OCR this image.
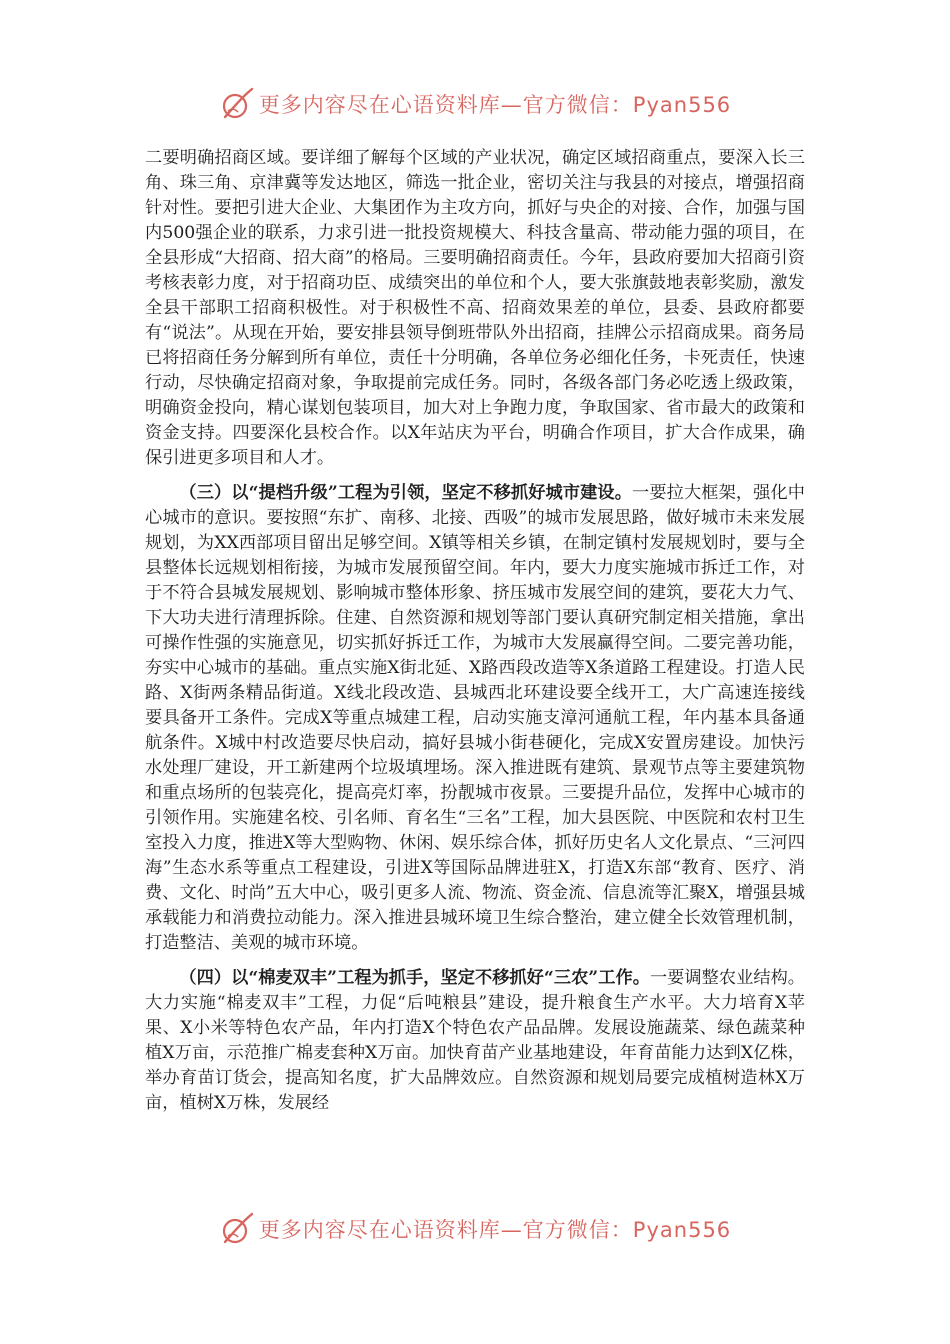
更多内容尽在心语资料库—官方微信：Pyan556

二要明确招商区域。要详细了解每个区域的产业状况，确定区域招商重点，要深入长三角、珠三角、京津冀等发达地区，筛选一批企业，密切关注与我县的对接点，增强招商针对性。要把引进大企业、大集团作为主攻方向，抓好与央企的对接、合作，加强与国内500强企业的联系，力求引进一批投资规模大、科技含量高、带动能力强的项目，在全县形成“大招商、招大商”的格局。三要明确招商责任。今年，县政府要加大招商引资考核表彰力度，对于招商功臣、成绩突出的单位和个人，要大张旗鼓地表彰奖励，激发全县干部职工招商积极性。对于积极性不高、招商效果差的单位，县委、县政府都要有“说法”。从现在开始，要安排县领导倒班带队外出招商，挂牌公示招商成果。商务局已将招商任务分解到所有单位，责任十分明确，各单位务必细化任务，卡死责任，快速行动，尽快确定招商对象，争取提前完成任务。同时，各级各部门务必吃透上级政策，明确资金投向，精心谋划包装项目，加大对上争跑力度，争取国家、省市最大的政策和资金支持。四要深化县校合作。以X年站庆为平台，明确合作项目，扩大合作成果，确保引进更多项目和人才。

（三）以“提档升级”工程为引领，坚定不移抓好城市建设。一要拉大框架，强化中心城市的意识。要按照“东扩、南移、北接、西吸”的城市发展思路，做好城市未来发展规划，为XX西部项目留出足够空间。X镇等相关乡镇，在制定镇村发展规划时，要与全县整体长远规划相衔接，为城市发展预留空间。年内，要大力度实施城市拆迁工作，对于不符合县城发展规划、影响城市整体形象、挤压城市发展空间的建筑，要花大力气、下大功夫进行清理拆除。住建、自然资源和规划等部门要认真研究制定相关措施，拿出可操作性强的实施意见，切实抓好拆迁工作，为城市大发展赢得空间。二要完善功能，夯实中心城市的基础。重点实施X街北延、X路西段改造等X条道路工程建设。打造人民路、X街两条精品街道。X线北段改造、县城西北环建设要全线开工，大广高速连接线要具备开工条件。完成X等重点城建工程，启动实施支漳河通航工程，年内基本具备通航条件。X城中村改造要尽快启动，搞好县城小街巷硬化，完成X安置房建设。加快污水处理厂建设，开工新建两个垃圾填埋场。深入推进既有建筑、景观节点等主要建筑物和重点场所的包装亮化，提高亮灯率，扮靓城市夜景。三要提升品位，发挥中心城市的引领作用。实施建名校、引名师、育名生“三名”工程，加大县医院、中医院和农村卫生室投入力度，推进X等大型购物、休闲、娱乐综合体，抓好历史名人文化景点、“三河四海”生态水系等重点工程建设，引进X等国际品牌进驻X，打造X东部“教育、医疗、消费、文化、时尚”五大中心，吸引更多人流、物流、资金流、信息流等汇聚X，增强县城承载能力和消费拉动能力。深入推进县城环境卫生综合整治，建立健全长效管理机制，打造整洁、美观的城市环境。

（四）以“棉麦双丰”工程为抓手，坚定不移抓好“三农”工作。一要调整农业结构。大力实施“棉麦双丰”工程，力促“后吨粮县”建设，提升粮食生产水平。大力培育X苹果、X小米等特色农产品，年内打造X个特色农产品品牌。发展设施蔬菜、绿色蔬菜种植X万亩，示范推广棉麦套种X万亩。加快育苗产业基地建设，年育苗能力达到X亿株，举办育苗订货会，提高知名度，扩大品牌效应。自然资源和规划局要完成植树造林X万亩，植树X万株，发展经

更多内容尽在心语资料库—官方微信：Pyan556
